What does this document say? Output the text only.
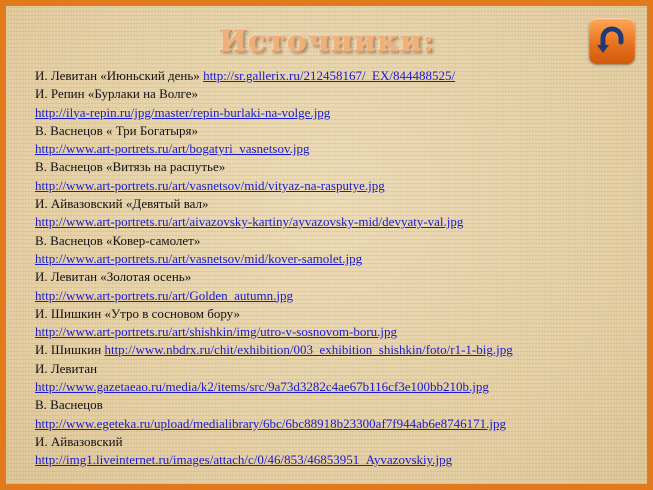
Источники:
И. Левитан «Июньский день» http://sr.gallerix.ru/212458167/_EX/844488525/
И. Репин «Бурлаки на Волге»
http://ilya-repin.ru/jpg/master/repin-burlaki-na-volge.jpg
В. Васнецов « Три Богатыря»
http://www.art-portrets.ru/art/bogatyri_vasnetsov.jpg
В. Васнецов «Витязь на распутье»
http://www.art-portrets.ru/art/vasnetsov/mid/vityaz-na-rasputye.jpg
И. Айвазовский «Девятый вал»
http://www.art-portrets.ru/art/aivazovsky-kartiny/ayvazovsky-mid/devyaty-val.jpg
В. Васнецов «Ковер-самолет»
http://www.art-portrets.ru/art/vasnetsov/mid/kover-samolet.jpg
И. Левитан «Золотая осень»
http://www.art-portrets.ru/art/Golden_autumn.jpg
И. Шишкин «Утро в сосновом бору»
http://www.art-portrets.ru/art/shishkin/img/utro-v-sosnovom-boru.jpg
И. Шишкин http://www.nbdrx.ru/chit/exhibition/003_exhibition_shishkin/foto/r1-1-big.jpg
И. Левитан
http://www.gazetaeao.ru/media/k2/items/src/9a73d3282c4ae67b116cf3e100bb210b.jpg
В. Васнецов
http://www.egeteka.ru/upload/medialibrary/6bc/6bc88918b23300af7f944ab6e8746171.jpg
И. Айвазовский
http://img1.liveinternet.ru/images/attach/c/0/46/853/46853951_Ayvazovskiy.jpg
